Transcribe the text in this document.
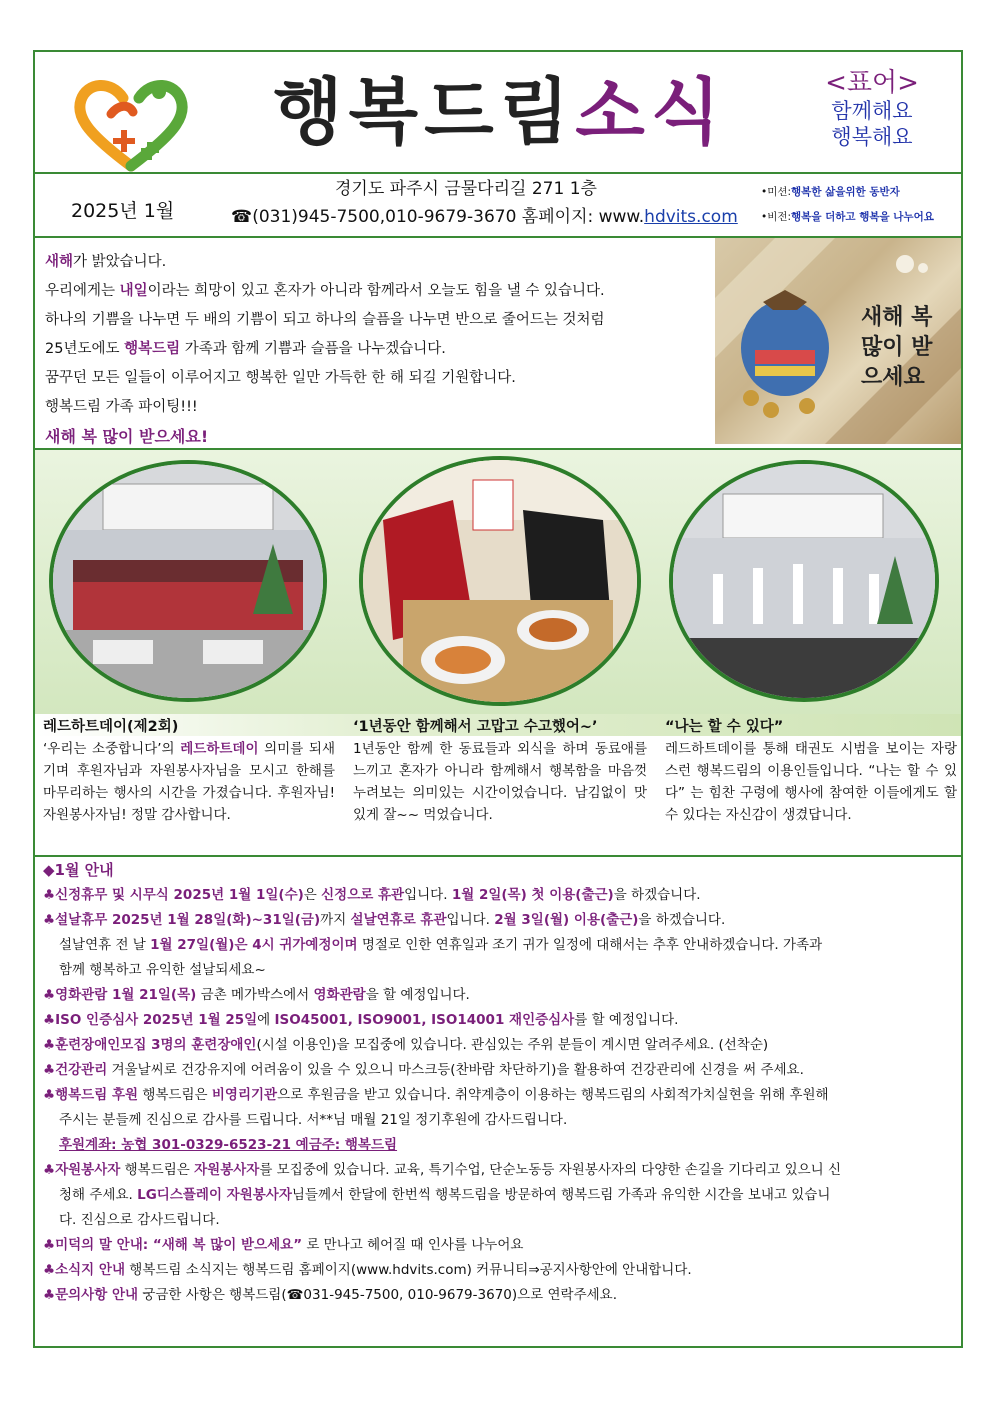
행복드림소식	<표어>
함께해요
행복해요
2025년 1월
경기도 파주시 금물다리길 271 1층
☎(031)945-7500,010-9679-3670 홈페이지: www.hdvits.com
•미션:행복한 삶을위한 동반자
•비전:행복을 더하고 행복을 나누어요
새해가 밝았습니다.
우리에게는 내일이라는 희망이 있고 혼자가 아니라 함께라서 오늘도 힘을 낼 수 있습니다.
하나의 기쁨을 나누면 두 배의 기쁨이 되고 하나의 슬픔을 나누면 반으로 줄어드는 것처럼
25년도에도 행복드림 가족과 함께 기쁨과 슬픔을 나누겠습니다.
꿈꾸던 모든 일들이 이루어지고 행복한 일만 가득한 한 해 되길 기원합니다.
행복드림 가족 파이팅!!!
새해 복 많이 받으세요!
새해 복 많이 받으세요
레드하트데이(제2회)
‘우리는 소중합니다’의 레드하트데이 의미를 되새기며 후원자님과 자원봉사자님을 모시고 한해를 마무리하는 행사의 시간을 가졌습니다. 후원자님! 자원봉사자님! 정말 감사합니다.
‘1년동안 함께해서 고맙고 수고했어~’
1년동안 함께 한 동료들과 외식을 하며 동료애를 느끼고 혼자가 아니라 함께해서 행복함을 마음껏 누려보는 의미있는 시간이었습니다. 남김없이 맛있게 잘~~ 먹었습니다.
“나는 할 수 있다”
레드하트데이를 통해 태권도 시범을 보이는 자랑스런 행복드림의 이용인들입니다. “나는 할 수 있다” 는 힘찬 구령에 행사에 참여한 이들에게도 할 수 있다는 자신감이 생겼답니다.
◆1월 안내
♣신정휴무 및 시무식 2025년 1월 1일(수)은 신정으로 휴관입니다. 1월 2일(목) 첫 이용(출근)을 하겠습니다.
♣설날휴무 2025년 1월 28일(화)~31일(금)까지 설날연휴로 휴관입니다. 2월 3일(월) 이용(출근)을 하겠습니다.
설날연휴 전 날 1월 27일(월)은 4시 귀가예정이며 명절로 인한 연휴일과 조기 귀가 일정에 대해서는 추후 안내하겠습니다. 가족과
함께 행복하고 유익한 설날되세요~
♣영화관람 1월 21일(목) 금촌 메가박스에서 영화관람을 할 예정입니다.
♣ISO 인증심사 2025년 1월 25일에 ISO45001, ISO9001, ISO14001 재인증심사를 할 예정입니다.
♣훈련장애인모집 3명의 훈련장애인(시설 이용인)을 모집중에 있습니다. 관심있는 주위 분들이 계시면 알려주세요. (선착순)
♣건강관리 겨울날씨로 건강유지에 어려움이 있을 수 있으니 마스크등(찬바람 차단하기)을 활용하여 건강관리에 신경을 써 주세요.
♣행복드림 후원 행복드림은 비영리기관으로 후원금을 받고 있습니다. 취약계층이 이용하는 행복드림의 사회적가치실현을 위해 후원해
주시는 분들께 진심으로 감사를 드립니다. 서**님 매월 21일 정기후원에 감사드립니다.
후원계좌: 농협 301-0329-6523-21 예금주: 행복드림
♣자원봉사자 행복드림은 자원봉사자를 모집중에 있습니다. 교육, 특기수업, 단순노동등 자원봉사자의 다양한 손길을 기다리고 있으니 신
청해 주세요. LG디스플레이 자원봉사자님들께서 한달에 한번씩 행복드림을 방문하여 행복드림 가족과 유익한 시간을 보내고 있습니
다. 진심으로 감사드립니다.
♣미덕의 말 안내: “새해 복 많이 받으세요” 로 만나고 헤어질 때 인사를 나누어요
♣소식지 안내 행복드림 소식지는 행복드림 홈페이지(www.hdvits.com) 커뮤니티⇒공지사항안에 안내합니다.
♣문의사항 안내 궁금한 사항은 행복드림(☎031-945-7500, 010-9679-3670)으로 연락주세요.
